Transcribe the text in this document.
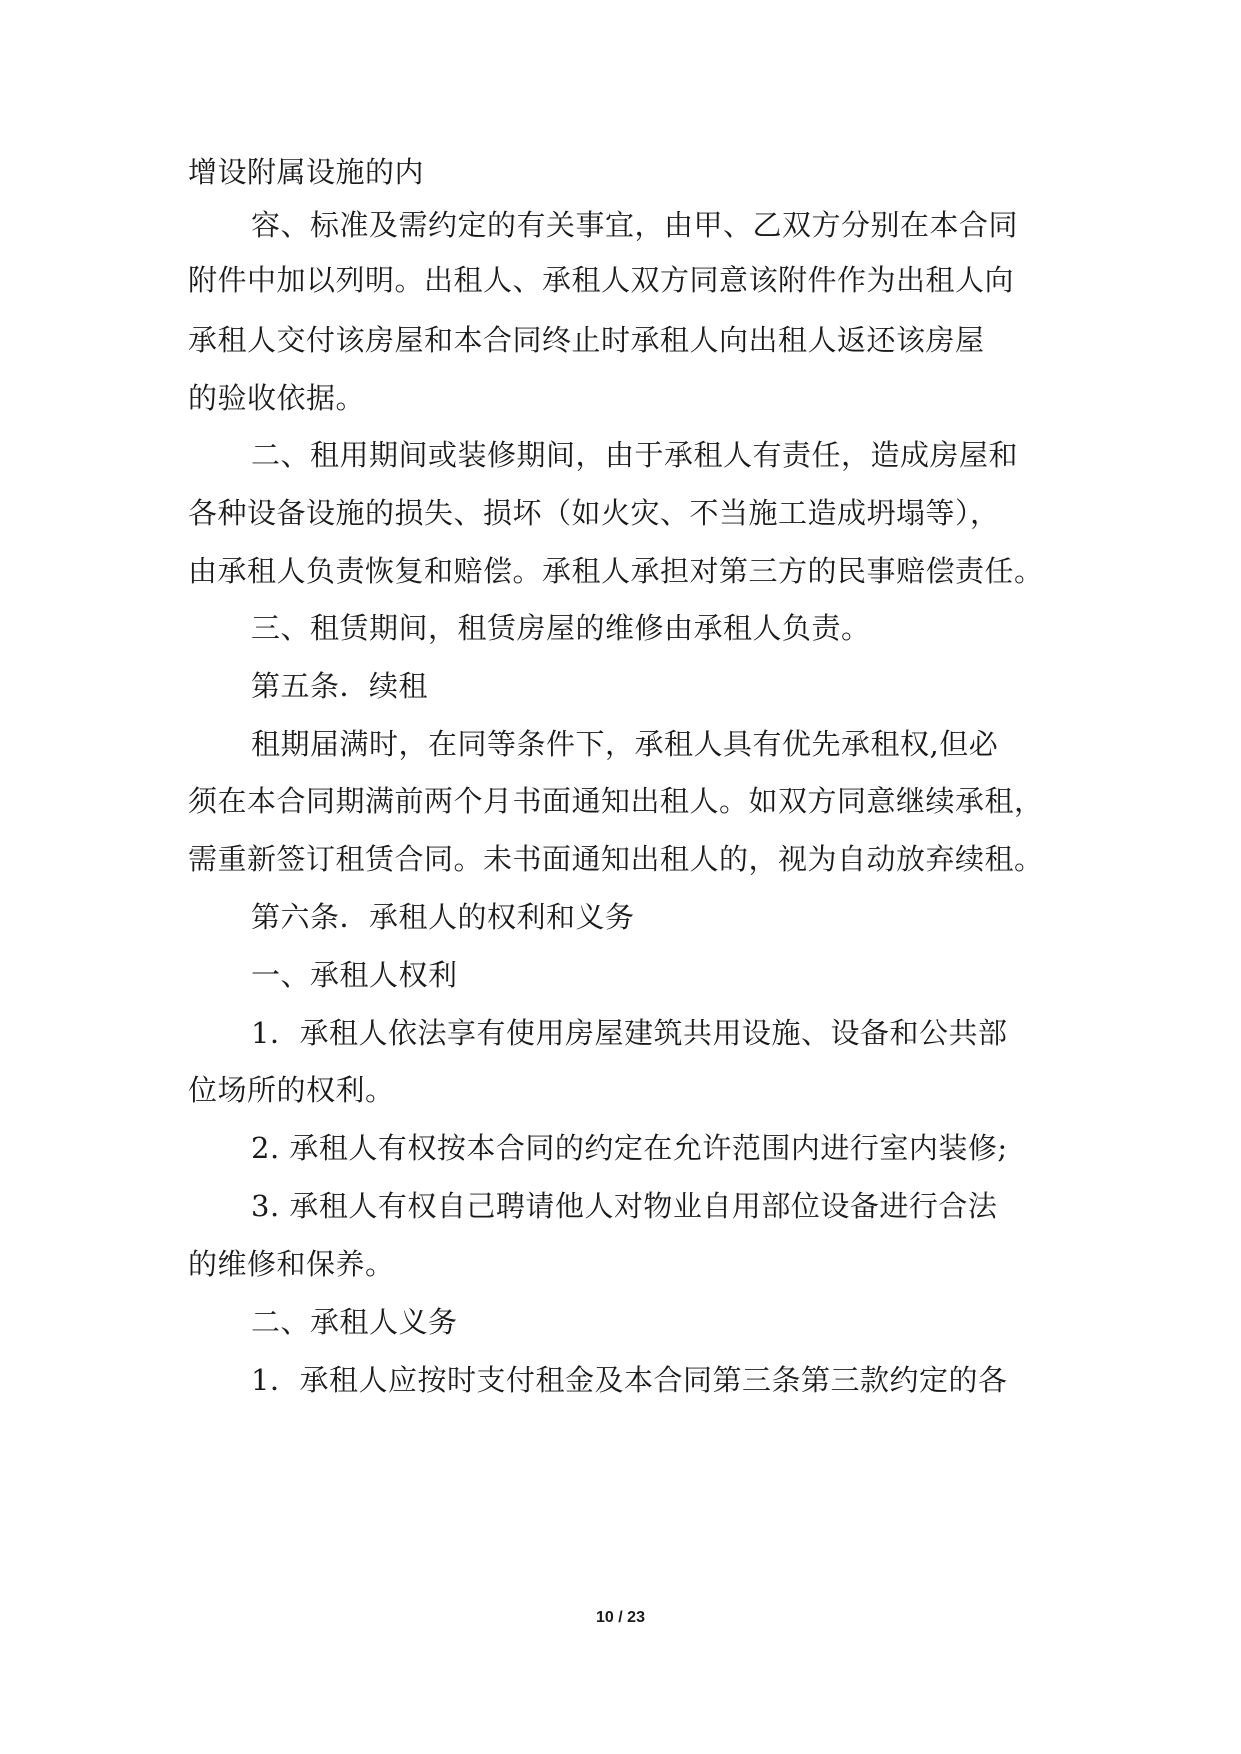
增设附属设施的内
容、标准及需约定的有关事宜，由甲、乙双方分别在本合同
附件中加以列明。出租人、承租人双方同意该附件作为出租人向
承租人交付该房屋和本合同终止时承租人向出租人返还该房屋
的验收依据。
二、租用期间或装修期间，由于承租人有责任，造成房屋和
各种设备设施的损失、损坏（如火灾、不当施工造成坍塌等），
由承租人负责恢复和赔偿。承租人承担对第三方的民事赔偿责任。
三、租赁期间，租赁房屋的维修由承租人负责。
第五条．续租
租期届满时，在同等条件下，承租人具有优先承租权,但必
须在本合同期满前两个月书面通知出租人。如双方同意继续承租，
需重新签订租赁合同。未书面通知出租人的，视为自动放弃续租。
第六条．承租人的权利和义务
一、承租人权利
1．承租人依法享有使用房屋建筑共用设施、设备和公共部
位场所的权利。
2. 承租人有权按本合同的约定在允许范围内进行室内装修;
3. 承租人有权自己聘请他人对物业自用部位设备进行合法
的维修和保养。
二、承租人义务
1．承租人应按时支付租金及本合同第三条第三款约定的各
10 / 23
